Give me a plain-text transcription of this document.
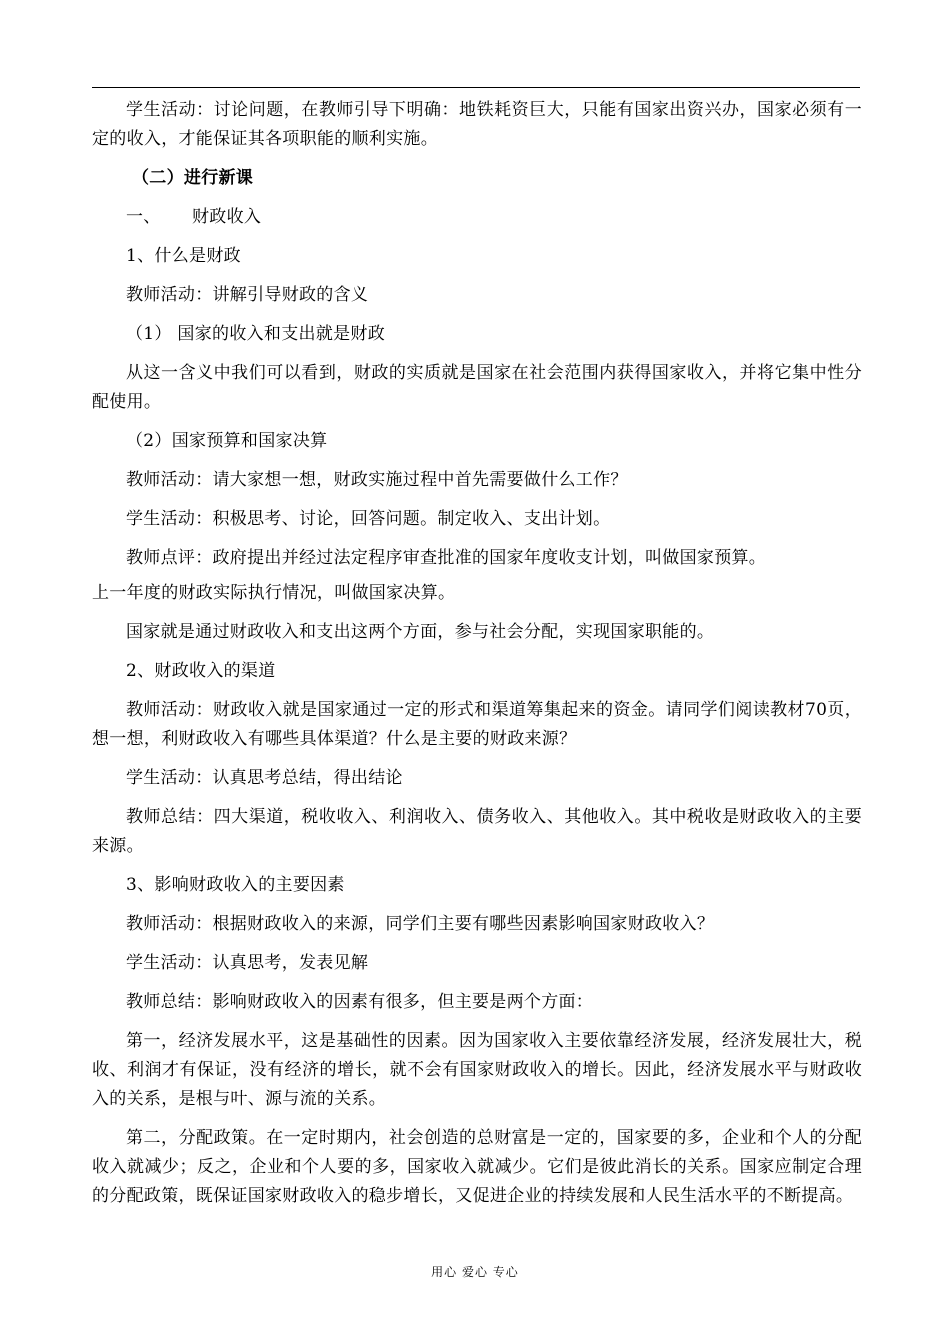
学生活动：讨论问题，在教师引导下明确：地铁耗资巨大，只能有国家出资兴办，国家必须有一定的收入，才能保证其各项职能的顺利实施。

（二）进行新课

一、 财政收入

1、什么是财政

教师活动：讲解引导财政的含义

（1） 国家的收入和支出就是财政

从这一含义中我们可以看到，财政的实质就是国家在社会范围内获得国家收入，并将它集中性分配使用。

（2）国家预算和国家决算

教师活动：请大家想一想，财政实施过程中首先需要做什么工作？

学生活动：积极思考、讨论，回答问题。制定收入、支出计划。

教师点评：政府提出并经过法定程序审查批准的国家年度收支计划，叫做国家预算。

上一年度的财政实际执行情况，叫做国家决算。

国家就是通过财政收入和支出这两个方面，参与社会分配，实现国家职能的。

2、财政收入的渠道

教师活动：财政收入就是国家通过一定的形式和渠道筹集起来的资金。请同学们阅读教材70页，想一想，利财政收入有哪些具体渠道？什么是主要的财政来源？

学生活动：认真思考总结，得出结论

教师总结：四大渠道，税收收入、利润收入、债务收入、其他收入。其中税收是财政收入的主要来源。

3、影响财政收入的主要因素

教师活动：根据财政收入的来源，同学们主要有哪些因素影响国家财政收入？

学生活动：认真思考，发表见解

教师总结：影响财政收入的因素有很多，但主要是两个方面：

第一，经济发展水平，这是基础性的因素。因为国家收入主要依靠经济发展，经济发展壮大，税收、利润才有保证，没有经济的增长，就不会有国家财政收入的增长。因此，经济发展水平与财政收入的关系，是根与叶、源与流的关系。

第二，分配政策。在一定时期内，社会创造的总财富是一定的，国家要的多，企业和个人的分配收入就减少；反之，企业和个人要的多，国家收入就减少。它们是彼此消长的关系。国家应制定合理的分配政策，既保证国家财政收入的稳步增长，又促进企业的持续发展和人民生活水平的不断提高。

用心 爱心 专心
